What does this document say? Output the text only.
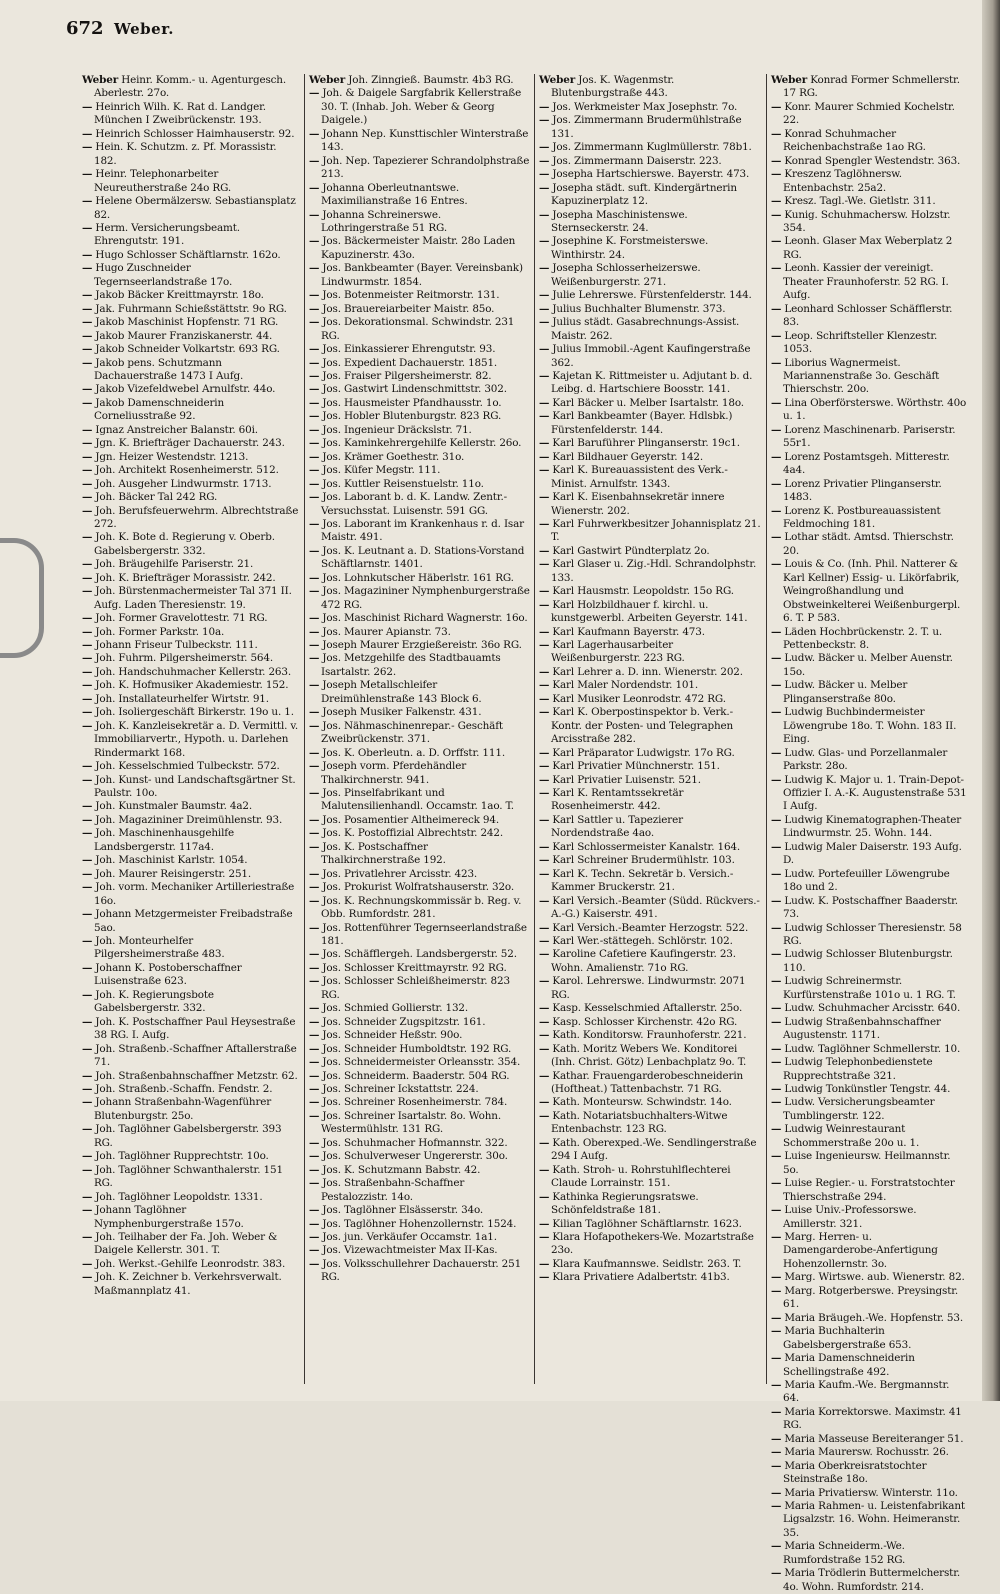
672 Weber.

Weber Heinr. Komm.- u. Agenturgesch. Aberlestr. 27o.

— Heinrich Wilh. K. Rat d. Landger. München I Zweibrückenstr. 193.

— Heinrich Schlosser Haimhauserstr. 92.

— Hein. K. Schutzm. z. Pf. Morassistr. 182.

— Heinr. Telephonarbeiter Neureutherstraße 24o RG.

— Helene Obermälzersw. Sebastiansplatz 82.

— Herm. Versicherungsbeamt. Ehrengutstr. 191.

— Hugo Schlosser Schäftlarnstr. 162o.

— Hugo Zuschneider Tegernseerlandstraße 17o.

— Jakob Bäcker Kreittmayrstr. 18o.

— Jak. Fuhrmann Schießstättstr. 9o RG.

— Jakob Maschinist Hopfenstr. 71 RG.

— Jakob Maurer Franziskanerstr. 44.

— Jakob Schneider Volkartstr. 693 RG.

— Jakob pens. Schutzmann Dachauerstraße 1473 I Aufg.

— Jakob Vizefeldwebel Arnulfstr. 44o.

— Jakob Damenschneiderin Corneliusstraße 92.

— Ignaz Anstreicher Balanstr. 60i.

— Jgn. K. Briefträger Dachauerstr. 243.

— Jgn. Heizer Westendstr. 1213.

— Joh. Architekt Rosenheimerstr. 512.

— Joh. Ausgeher Lindwurmstr. 1713.

— Joh. Bäcker Tal 242 RG.

— Joh. Berufsfeuerwehrm. Albrechtstraße 272.

— Joh. K. Bote d. Regierung v. Oberb. Gabelsbergerstr. 332.

— Joh. Bräugehilfe Pariserstr. 21.

— Joh. K. Briefträger Morassistr. 242.

— Joh. Bürstenmachermeister Tal 371 II. Aufg. Laden Theresienstr. 19.

— Joh. Former Gravelottestr. 71 RG.

— Joh. Former Parkstr. 10a.

— Johann Friseur Tulbeckstr. 111.

— Joh. Fuhrm. Pilgersheimerstr. 564.

— Joh. Handschuhmacher Kellerstr. 263.

— Joh. K. Hofmusiker Akademiestr. 152.

— Joh. Installateurhelfer Wirtstr. 91.

— Joh. Isoliergeschäft Birkerstr. 19o u. 1.

— Joh. K. Kanzleisekretär a. D. Vermittl. v. Immobiliarvertr., Hypoth. u. Darlehen Rindermarkt 168.

— Joh. Kesselschmied Tulbeckstr. 572.

— Joh. Kunst- und Landschaftsgärtner St. Paulstr. 10o.

— Joh. Kunstmaler Baumstr. 4a2.

— Joh. Magazininer Dreimühlenstr. 93.

— Joh. Maschinenhausgehilfe Landsbergerstr. 117a4.

— Joh. Maschinist Karlstr. 1054.

— Joh. Maurer Reisingerstr. 251.

— Joh. vorm. Mechaniker Artilleriestraße 16o.

— Johann Metzgermeister Freibadstraße 5ao.

— Joh. Monteurhelfer Pilgersheimerstraße 483.

— Johann K. Postoberschaffner Luisenstraße 623.

— Joh. K. Regierungsbote Gabelsbergerstr. 332.

— Joh. K. Postschaffner Paul Heysestraße 38 RG. I. Aufg.

— Joh. Straßenb.-Schaffner Aftallerstraße 71.

— Joh. Straßenbahnschaffner Metzstr. 62.

— Joh. Straßenb.-Schaffn. Fendstr. 2.

— Johann Straßenbahn-Wagenführer Blutenburgstr. 25o.

— Joh. Taglöhner Gabelsbergerstr. 393 RG.

— Joh. Taglöhner Rupprechtstr. 10o.

— Joh. Taglöhner Schwanthalerstr. 151 RG.

— Joh. Taglöhner Leopoldstr. 1331.

— Johann Taglöhner Nymphenburgerstraße 157o.

— Joh. Teilhaber der Fa. Joh. Weber & Daigele Kellerstr. 301. T.

— Joh. Werkst.-Gehilfe Leonrodstr. 383.

— Joh. K. Zeichner b. Verkehrsverwalt. Maßmannplatz 41.

Weber Joh. Zinngieß. Baumstr. 4b3 RG.

— Joh. & Daigele Sargfabrik Kellerstraße 30. T. (Inhab. Joh. Weber & Georg Daigele.)

— Johann Nep. Kunsttischler Winterstraße 143.

— Joh. Nep. Tapezierer Schrandolphstraße 213.

— Johanna Oberleutnantswe. Maximilianstraße 16 Entres.

— Johanna Schreinerswe. Lothringerstraße 51 RG.

— Jos. Bäckermeister Maistr. 28o Laden Kapuzinerstr. 43o.

— Jos. Bankbeamter (Bayer. Vereinsbank) Lindwurmstr. 1854.

— Jos. Botenmeister Reitmorstr. 131.

— Jos. Brauereiarbeiter Maistr. 85o.

— Jos. Dekorationsmal. Schwindstr. 231 RG.

— Jos. Einkassierer Ehrengutstr. 93.

— Jos. Expedient Dachauerstr. 1851.

— Jos. Fraiser Pilgersheimerstr. 82.

— Jos. Gastwirt Lindenschmittstr. 302.

— Jos. Hausmeister Pfandhausstr. 1o.

— Jos. Hobler Blutenburgstr. 823 RG.

— Jos. Ingenieur Dräckslstr. 71.

— Jos. Kaminkehrergehilfe Kellerstr. 26o.

— Jos. Krämer Goethestr. 31o.

— Jos. Küfer Megstr. 111.

— Jos. Kuttler Reisenstuelstr. 11o.

— Jos. Laborant b. d. K. Landw. Zentr.-Versuchsstat. Luisenstr. 591 GG.

— Jos. Laborant im Krankenhaus r. d. Isar Maistr. 491.

— Jos. K. Leutnant a. D. Stations-Vorstand Schäftlarnstr. 1401.

— Jos. Lohnkutscher Häberlstr. 161 RG.

— Jos. Magazininer Nymphenburgerstraße 472 RG.

— Jos. Maschinist Richard Wagnerstr. 16o.

— Jos. Maurer Apianstr. 73.

— Joseph Maurer Erzgießereistr. 36o RG.

— Jos. Metzgehilfe des Stadtbauamts Isartalstr. 262.

— Joseph Metallschleifer Dreimühlenstraße 143 Block 6.

— Joseph Musiker Falkenstr. 431.

— Jos. Nähmaschinenrepar.- Geschäft Zweibrückenstr. 371.

— Jos. K. Oberleutn. a. D. Orffstr. 111.

— Joseph vorm. Pferdehändler Thalkirchnerstr. 941.

— Jos. Pinselfabrikant und Malutensilienhandl. Occamstr. 1ao. T.

— Jos. Posamentier Altheimereck 94.

— Jos. K. Postoffizial Albrechtstr. 242.

— Jos. K. Postschaffner Thalkirchnerstraße 192.

— Jos. Privatlehrer Arcisstr. 423.

— Jos. Prokurist Wolfratshauserstr. 32o.

— Jos. K. Rechnungskommissär b. Reg. v. Obb. Rumfordstr. 281.

— Jos. Rottenführer Tegernseerlandstraße 181.

— Jos. Schäfflergeh. Landsbergerstr. 52.

— Jos. Schlosser Kreittmayrstr. 92 RG.

— Jos. Schlosser Schleißheimerstr. 823 RG.

— Jos. Schmied Gollierstr. 132.

— Jos. Schneider Zugspitzstr. 161.

— Jos. Schneider Heßstr. 90o.

— Jos. Schneider Humboldtstr. 192 RG.

— Jos. Schneidermeister Orleansstr. 354.

— Jos. Schneiderm. Baaderstr. 504 RG.

— Jos. Schreiner Ickstattstr. 224.

— Jos. Schreiner Rosenheimerstr. 784.

— Jos. Schreiner Isartalstr. 8o. Wohn. Westermühlstr. 131 RG.

— Jos. Schuhmacher Hofmannstr. 322.

— Jos. Schulverweser Ungererstr. 30o.

— Jos. K. Schutzmann Babstr. 42.

— Jos. Straßenbahn-Schaffner Pestalozzistr. 14o.

— Jos. Taglöhner Elsässerstr. 34o.

— Jos. Taglöhner Hohenzollernstr. 1524.

— Jos. jun. Verkäufer Occamstr. 1a1.

— Jos. Vizewachtmeister Max II-Kas.

— Jos. Volksschullehrer Dachauerstr. 251 RG.

Weber Jos. K. Wagenmstr. Blutenburgstraße 443.

— Jos. Werkmeister Max Josephstr. 7o.

— Jos. Zimmermann Brudermühlstraße 131.

— Jos. Zimmermann Kuglmüllerstr. 78b1.

— Jos. Zimmermann Daiserstr. 223.

— Josepha Hartschierswe. Bayerstr. 473.

— Josepha städt. suft. Kindergärtnerin Kapuzinerplatz 12.

— Josepha Maschinistenswe. Sternseckerstr. 24.

— Josephine K. Forstmeisterswe. Winthirstr. 24.

— Josepha Schlosserheizerswe. Weißenburgerstr. 271.

— Julie Lehrerswe. Fürstenfelderstr. 144.

— Julius Buchhalter Blumenstr. 373.

— Julius städt. Gasabrechnungs-Assist. Maistr. 262.

— Julius Immobil.-Agent Kaufingerstraße 362.

— Kajetan K. Rittmeister u. Adjutant b. d. Leibg. d. Hartschiere Boosstr. 141.

— Karl Bäcker u. Melber Isartalstr. 18o.

— Karl Bankbeamter (Bayer. Hdlsbk.) Fürstenfelderstr. 144.

— Karl Baruführer Plinganserstr. 19c1.

— Karl Bildhauer Geyerstr. 142.

— Karl K. Bureauassistent des Verk.-Minist. Arnulfstr. 1343.

— Karl K. Eisenbahnsekretär innere Wienerstr. 202.

— Karl Fuhrwerkbesitzer Johannisplatz 21. T.

— Karl Gastwirt Pündterplatz 2o.

— Karl Glaser u. Zig.-Hdl. Schrandolphstr. 133.

— Karl Hausmstr. Leopoldstr. 15o RG.

— Karl Holzbildhauer f. kirchl. u. kunstgewerbl. Arbeiten Geyerstr. 141.

— Karl Kaufmann Bayerstr. 473.

— Karl Lagerhausarbeiter Weißenburgerstr. 223 RG.

— Karl Lehrer a. D. inn. Wienerstr. 202.

— Karl Maler Nordendstr. 101.

— Karl Musiker Leonrodstr. 472 RG.

— Karl K. Oberpostinspektor b. Verk.-Kontr. der Posten- und Telegraphen Arcisstraße 282.

— Karl Präparator Ludwigstr. 17o RG.

— Karl Privatier Münchnerstr. 151.

— Karl Privatier Luisenstr. 521.

— Karl K. Rentamtssekretär Rosenheimerstr. 442.

— Karl Sattler u. Tapezierer Nordendstraße 4ao.

— Karl Schlossermeister Kanalstr. 164.

— Karl Schreiner Brudermühlstr. 103.

— Karl K. Techn. Sekretär b. Versich.-Kammer Bruckerstr. 21.

— Karl Versich.-Beamter (Südd. Rückvers.-A.-G.) Kaiserstr. 491.

— Karl Versich.-Beamter Herzogstr. 522.

— Karl Wer.-stättegeh. Schlörstr. 102.

— Karoline Cafetiere Kaufingerstr. 23. Wohn. Amalienstr. 71o RG.

— Karol. Lehrerswe. Lindwurmstr. 2071 RG.

— Kasp. Kesselschmied Aftallerstr. 25o.

— Kasp. Schlosser Kirchenstr. 42o RG.

— Kath. Konditorsw. Fraunhoferstr. 221.

— Kath. Moritz Webers We. Konditorei (Inh. Christ. Götz) Lenbachplatz 9o. T.

— Kathar. Frauengarderobeschneiderin (Hoftheat.) Tattenbachstr. 71 RG.

— Kath. Monteursw. Schwindstr. 14o.

— Kath. Notariatsbuchhalters-Witwe Entenbachstr. 123 RG.

— Kath. Oberexped.-We. Sendlingerstraße 294 I Aufg.

— Kath. Stroh- u. Rohrstuhlflechterei Claude Lorrainstr. 151.

— Kathinka Regierungsratswe. Schönfeldstraße 181.

— Kilian Taglöhner Schäftlarnstr. 1623.

— Klara Hofapothekers-We. Mozartstraße 23o.

— Klara Kaufmannswe. Seidlstr. 263. T.

— Klara Privatiere Adalbertstr. 41b3.

Weber Konrad Former Schmellerstr. 17 RG.

— Konr. Maurer Schmied Kochelstr. 22.

— Konrad Schuhmacher Reichenbachstraße 1ao RG.

— Konrad Spengler Westendstr. 363.

— Kreszenz Taglöhnersw. Entenbachstr. 25a2.

— Kresz. Tagl.-We. Gietlstr. 311.

— Kunig. Schuhmachersw. Holzstr. 354.

— Leonh. Glaser Max Weberplatz 2 RG.

— Leonh. Kassier der vereinigt. Theater Fraunhoferstr. 52 RG. I. Aufg.

— Leonhard Schlosser Schäfflerstr. 83.

— Leop. Schriftsteller Klenzestr. 1053.

— Liborius Wagnermeist. Mariannenstraße 3o. Geschäft Thierschstr. 20o.

— Lina Oberförsterswe. Wörthstr. 40o u. 1.

— Lorenz Maschinenarb. Pariserstr. 55r1.

— Lorenz Postamtsgeh. Mitterestr. 4a4.

— Lorenz Privatier Plinganserstr. 1483.

— Lorenz K. Postbureauassistent Feldmoching 181.

— Lothar städt. Amtsd. Thierschstr. 20.

— Louis & Co. (Inh. Phil. Natterer & Karl Kellner) Essig- u. Likörfabrik, Weingroßhandlung und Obstweinkelterei Weißenburgerpl. 6. T. P 583.

— Läden Hochbrückenstr. 2. T. u. Pettenbeckstr. 8.

— Ludw. Bäcker u. Melber Auenstr. 15o.

— Ludw. Bäcker u. Melber Plinganserstraße 80o.

— Ludwig Buchbindermeister Löwengrube 18o. T. Wohn. 183 II. Eing.

— Ludw. Glas- und Porzellanmaler Parkstr. 28o.

— Ludwig K. Major u. 1. Train-Depot-Offizier I. A.-K. Augustenstraße 531 I Aufg.

— Ludwig Kinematographen-Theater Lindwurmstr. 25. Wohn. 144.

— Ludwig Maler Daiserstr. 193 Aufg. D.

— Ludw. Portefeuiller Löwengrube 18o und 2.

— Ludw. K. Postschaffner Baaderstr. 73.

— Ludwig Schlosser Theresienstr. 58 RG.

— Ludwig Schlosser Blutenburgstr. 110.

— Ludwig Schreinermstr. Kurfürstenstraße 101o u. 1 RG. T.

— Ludw. Schuhmacher Arcisstr. 640.

— Ludwig Straßenbahnschaffner Augustenstr. 1171.

— Ludw. Taglöhner Schmellerstr. 10.

— Ludwig Telephonbedienstete Rupprechtstraße 321.

— Ludwig Tonkünstler Tengstr. 44.

— Ludw. Versicherungsbeamter Tumblingerstr. 122.

— Ludwig Weinrestaurant Schommerstraße 20o u. 1.

— Luise Ingenieursw. Heilmannstr. 5o.

— Luise Regier.- u. Forstratstochter Thierschstraße 294.

— Luise Univ.-Professorswe. Amillerstr. 321.

— Marg. Herren- u. Damengarderobe-Anfertigung Hohenzollernstr. 3o.

— Marg. Wirtswe. aub. Wienerstr. 82.

— Marg. Rotgerberswe. Preysingstr. 61.

— Maria Bräugeh.-We. Hopfenstr. 53.

— Maria Buchhalterin Gabelsbergerstraße 653.

— Maria Damenschneiderin Schellingstraße 492.

— Maria Kaufm.-We. Bergmannstr. 64.

— Maria Korrektorswe. Maximstr. 41 RG.

— Maria Masseuse Bereiteranger 51.

— Maria Maurersw. Rochusstr. 26.

— Maria Oberkreisratstochter Steinstraße 18o.

— Maria Privatiersw. Winterstr. 11o.

— Maria Rahmen- u. Leistenfabrikant Ligsalzstr. 16. Wohn. Heimeranstr. 35.

— Maria Schneiderm.-We. Rumfordstraße 152 RG.

— Maria Trödlerin Buttermelcherstr. 4o. Wohn. Rumfordstr. 214.
